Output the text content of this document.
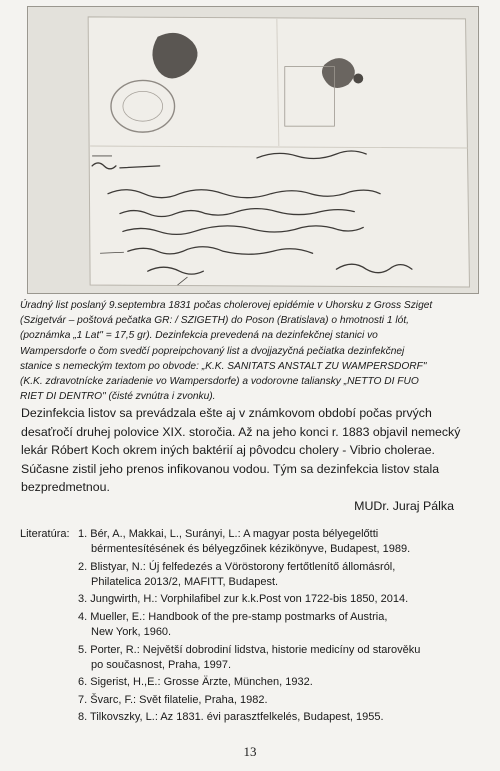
Úradný list poslaný 9.septembra 1831 počas cholerovej epidémie v Uhorsku z Gross Sziget

(Szigetvár – poštová pečatka GR: / SZIGETH) do Poson (Bratislava) o hmotnosti 1 lót,

(poznámka „1 Lat" = 17,5 gr). Dezinfekcia prevedená na dezinfekčnej stanici vo

Wampersdorfe o čom svedčí popreipchovaný list a dvojjazyčná pečiatka dezinfekčnej

stanice s nemeckým textom po obvode: „K.K. SANITATS ANSTALT ZU WAMPERSDORF"

(K.K. zdravotnícke zariadenie vo Wampersdorfe) a vodorovne taliansky „NETTO DI FUO

RIET DI DENTRO" (čisté zvnútra i zvonku).

Dezinfekcia listov sa prevádzala ešte aj v známkovom období počas prvých

desaťročí druhej polovice XIX. storočia. Až na jeho konci r. 1883 objavil nemecký

lekár Róbert Koch okrem iných baktérií aj pôvodcu cholery - Vibrio cholerae.

Súčasne zistil jeho prenos infikovanou vodou. Tým sa dezinfekcia listov stala

bezpredmetnou.

MUDr. Juraj Pálka
Literatúra: 1. Bér, A., Makkai, L., Surányi, L.: A magyar posta bélyegelőtti
bérmentesítésének és bélyegzőinek kézikönyve, Budapest, 1989.
2. Blistyar, N.: Új felfedezés a Vöröstorony fertőtlenítő állomásról,
Philatelica 2013/2, MAFITT, Budapest.
3. Jungwirth, H.: Vorphilafibel zur k.k.Post von 1722-bis 1850, 2014.
4. Mueller, E.: Handbook of the pre-stamp postmarks of Austria,
New York, 1960.
5. Porter, R.: Největší dobrodiní lidstva, historie medicíny od starověku
po současnost, Praha, 1997.
6. Sigerist, H.,E.: Grosse Ärzte, München, 1932.
7. Švarc, F.: Svět filatelie, Praha, 1982.
8. Tilkovszky, L.: Az 1831. évi parasztfelkelés, Budapest, 1955.
13
